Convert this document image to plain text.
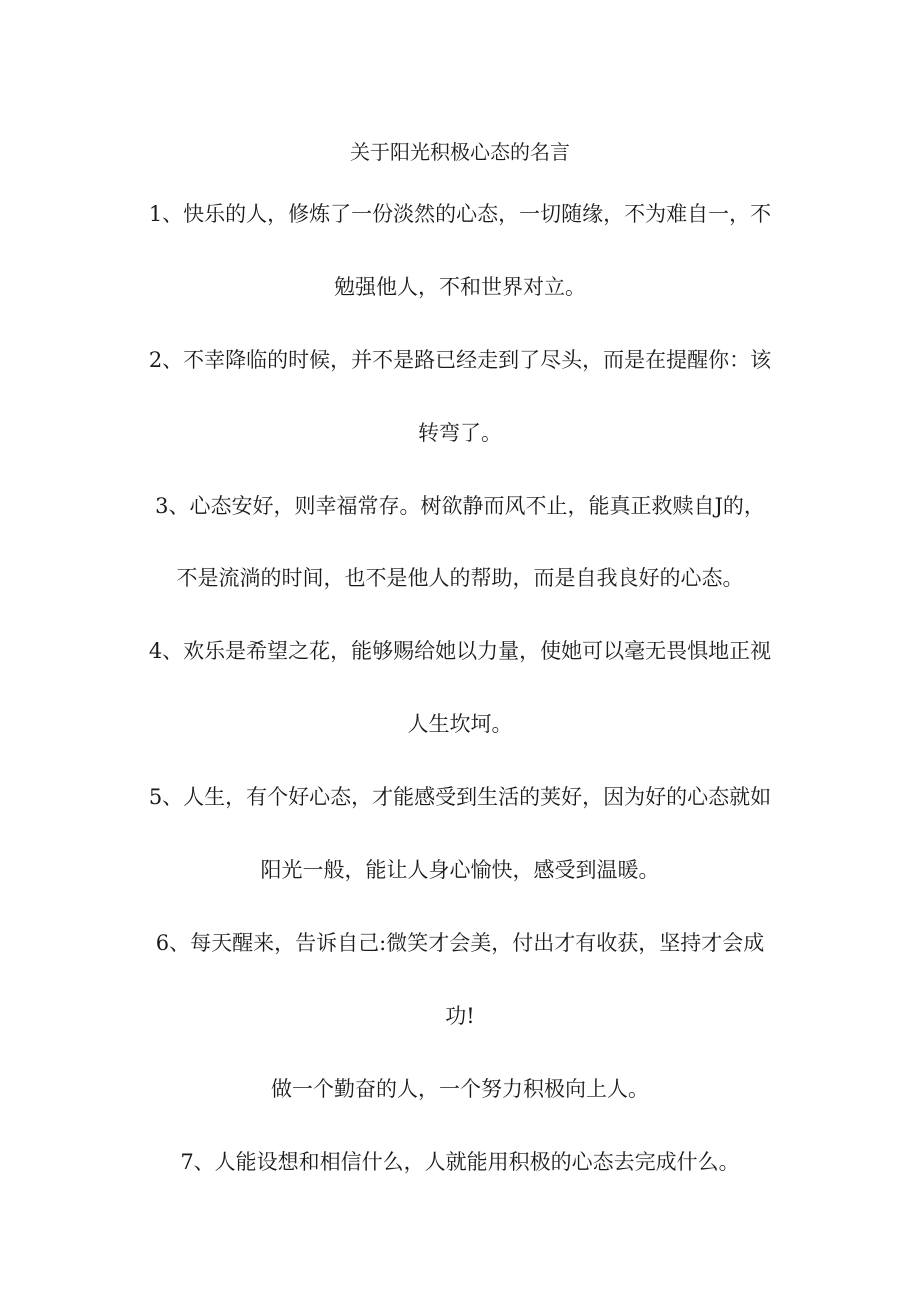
关于阳光积极心态的名言
1、快乐的人，修炼了一份淡然的心态，一切随缘，不为难自一，不
勉强他人，不和世界对立。
2、不幸降临的时候，并不是路已经走到了尽头，而是在提醒你：该
转弯了。
3、心态安好，则幸福常存。树欲静而风不止，能真正救赎自J的，
不是流淌的时间，也不是他人的帮助，而是自我良好的心态。
4、欢乐是希望之花，能够赐给她以力量，使她可以毫无畏惧地正视
人生坎坷。
5、人生，有个好心态，才能感受到生活的荚好，因为好的心态就如
阳光一般，能让人身心愉快，感受到温暖。
6、每天醒来，告诉自己:微笑才会美，付出才有收获，坚持才会成
功!
做一个勤奋的人，一个努力积极向上人。
7、人能设想和相信什么，人就能用积极的心态去完成什么。
